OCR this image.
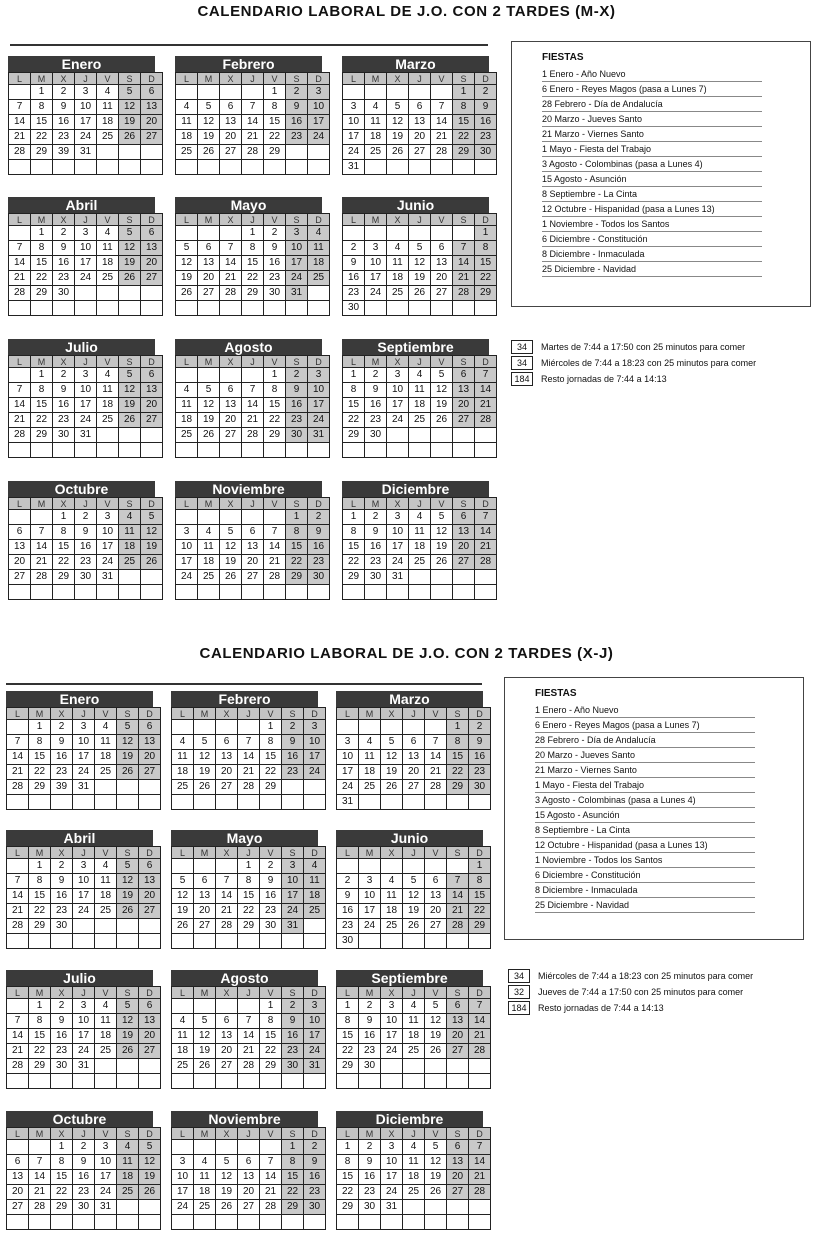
CALENDARIO LABORAL DE J.O. CON 2 TARDES (M-X)
Enero
L	M	X	J	V	S	D
	1	2	3	4	5	6
7	8	9	10	11	12	13
14	15	16	17	18	19	20
21	22	23	24	25	26	27
28	29	39	31			

Febrero
L	M	X	J	V	S	D
				1	2	3
4	5	6	7	8	9	10
11	12	13	14	15	16	17
18	19	20	21	22	23	24
25	26	27	28	29		

Marzo
L	M	X	J	V	S	D
					1	2
3	4	5	6	7	8	9
10	11	12	13	14	15	16
17	18	19	20	21	22	23
24	25	26	27	28	29	30
31						
Abril
L	M	X	J	V	S	D
	1	2	3	4	5	6
7	8	9	10	11	12	13
14	15	16	17	18	19	20
21	22	23	24	25	26	27
28	29	30				

Mayo
L	M	X	J	V	S	D
			1	2	3	4
5	6	7	8	9	10	11
12	13	14	15	16	17	18
19	20	21	22	23	24	25
26	27	28	29	30	31	

Junio
L	M	X	J	V	S	D
						1
2	3	4	5	6	7	8
9	10	11	12	13	14	15
16	17	18	19	20	21	22
23	24	25	26	27	28	29
30						
Julio
L	M	X	J	V	S	D
	1	2	3	4	5	6
7	8	9	10	11	12	13
14	15	16	17	18	19	20
21	22	23	24	25	26	27
28	29	30	31			

Agosto
L	M	X	J	V	S	D
				1	2	3
4	5	6	7	8	9	10
11	12	13	14	15	16	17
18	19	20	21	22	23	24
25	26	27	28	29	30	31

Septiembre
L	M	X	J	V	S	D
1	2	3	4	5	6	7
8	9	10	11	12	13	14
15	16	17	18	19	20	21
22	23	24	25	26	27	28
29	30					

Octubre
L	M	X	J	V	S	D
		1	2	3	4	5
6	7	8	9	10	11	12
13	14	15	16	17	18	19
20	21	22	23	24	25	26
27	28	29	30	31		

Noviembre
L	M	X	J	V	S	D
					1	2
3	4	5	6	7	8	9
10	11	12	13	14	15	16
17	18	19	20	21	22	23
24	25	26	27	28	29	30

Diciembre
L	M	X	J	V	S	D
1	2	3	4	5	6	7
8	9	10	11	12	13	14
15	16	17	18	19	20	21
22	23	24	25	26	27	28
29	30	31				

FIESTAS
1 Enero - Año Nuevo
6 Enero - Reyes Magos (pasa a Lunes 7)
28 Febrero - Día de Andalucía
20 Marzo - Jueves Santo
21 Marzo - Viernes Santo
1 Mayo - Fiesta del Trabajo
3 Agosto - Colombinas (pasa a Lunes 4)
15 Agosto - Asunción
8 Septiembre - La Cinta
12 Octubre - Hispanidad (pasa a Lunes 13)
1 Noviembre - Todos los Santos
6 Diciembre - Constitución
8 Diciembre - Inmaculada
25 Diciembre - Navidad
34	Martes de 7:44 a 17:50 con 25 minutos para comer
34	Miércoles de 7:44 a 18:23 con 25 minutos para comer
184	Resto jornadas de 7:44 a 14:13
CALENDARIO LABORAL DE J.O. CON 2 TARDES (X-J)
Enero
L	M	X	J	V	S	D
	1	2	3	4	5	6
7	8	9	10	11	12	13
14	15	16	17	18	19	20
21	22	23	24	25	26	27
28	29	39	31			

Febrero
L	M	X	J	V	S	D
				1	2	3
4	5	6	7	8	9	10
11	12	13	14	15	16	17
18	19	20	21	22	23	24
25	26	27	28	29		

Marzo
L	M	X	J	V	S	D
					1	2
3	4	5	6	7	8	9
10	11	12	13	14	15	16
17	18	19	20	21	22	23
24	25	26	27	28	29	30
31						
Abril
L	M	X	J	V	S	D
	1	2	3	4	5	6
7	8	9	10	11	12	13
14	15	16	17	18	19	20
21	22	23	24	25	26	27
28	29	30				

Mayo
L	M	X	J	V	S	D
			1	2	3	4
5	6	7	8	9	10	11
12	13	14	15	16	17	18
19	20	21	22	23	24	25
26	27	28	29	30	31	

Junio
L	M	X	J	V	S	D
						1
2	3	4	5	6	7	8
9	10	11	12	13	14	15
16	17	18	19	20	21	22
23	24	25	26	27	28	29
30						
Julio
L	M	X	J	V	S	D
	1	2	3	4	5	6
7	8	9	10	11	12	13
14	15	16	17	18	19	20
21	22	23	24	25	26	27
28	29	30	31			

Agosto
L	M	X	J	V	S	D
				1	2	3
4	5	6	7	8	9	10
11	12	13	14	15	16	17
18	19	20	21	22	23	24
25	26	27	28	29	30	31

Septiembre
L	M	X	J	V	S	D
1	2	3	4	5	6	7
8	9	10	11	12	13	14
15	16	17	18	19	20	21
22	23	24	25	26	27	28
29	30					

Octubre
L	M	X	J	V	S	D
		1	2	3	4	5
6	7	8	9	10	11	12
13	14	15	16	17	18	19
20	21	22	23	24	25	26
27	28	29	30	31		

Noviembre
L	M	X	J	V	S	D
					1	2
3	4	5	6	7	8	9
10	11	12	13	14	15	16
17	18	19	20	21	22	23
24	25	26	27	28	29	30

Diciembre
L	M	X	J	V	S	D
1	2	3	4	5	6	7
8	9	10	11	12	13	14
15	16	17	18	19	20	21
22	23	24	25	26	27	28
29	30	31				

FIESTAS
1 Enero - Año Nuevo
6 Enero - Reyes Magos (pasa a Lunes 7)
28 Febrero - Día de Andalucía
20 Marzo - Jueves Santo
21 Marzo - Viernes Santo
1 Mayo - Fiesta del Trabajo
3 Agosto - Colombinas (pasa a Lunes 4)
15 Agosto - Asunción
8 Septiembre - La Cinta
12 Octubre - Hispanidad (pasa a Lunes 13)
1 Noviembre - Todos los Santos
6 Diciembre - Constitución
8 Diciembre - Inmaculada
25 Diciembre - Navidad
34	Miércoles de 7:44 a 18:23 con 25 minutos para comer
32	Jueves de 7:44 a 17:50 con 25 minutos para comer
184	Resto jornadas de 7:44 a 14:13
